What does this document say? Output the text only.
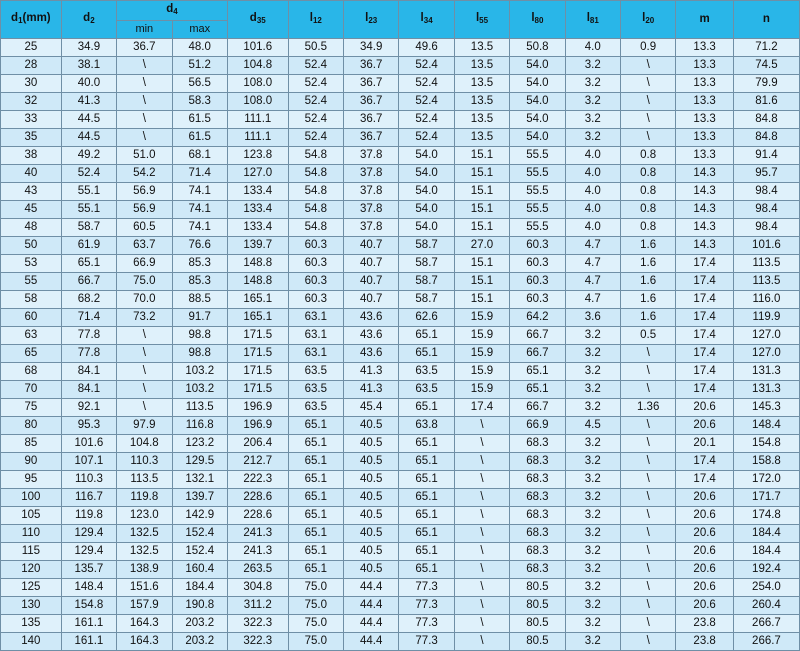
$d_1(mm)$	$d_2$	$d_4$		$d_{35}$	$l_{12}$	$l_{23}$	$l_{34}$	$l_{55}$	$l_{80}$	$l_{81}$	$l_{20}$	m	n
		min	max										
25	34.9	36.7	48.0	101.6	50.5	34.9	49.6	13.5	50.8	4.0	0.9	13.3	71.2
28	38.1	\	51.2	104.8	52.4	36.7	52.4	13.5	54.0	3.2	\	13.3	74.5
30	40.0	\	56.5	108.0	52.4	36.7	52.4	13.5	54.0	3.2	\	13.3	79.9
32	41.3	\	58.3	108.0	52.4	36.7	52.4	13.5	54.0	3.2	\	13.3	81.6
33	44.5	\	61.5	111.1	52.4	36.7	52.4	13.5	54.0	3.2	\	13.3	84.8
35	44.5	\	61.5	111.1	52.4	36.7	52.4	13.5	54.0	3.2	\	13.3	84.8
38	49.2	51.0	68.1	123.8	54.8	37.8	54.0	15.1	55.5	4.0	0.8	13.3	91.4
40	52.4	54.2	71.4	127.0	54.8	37.8	54.0	15.1	55.5	4.0	0.8	14.3	95.7
43	55.1	56.9	74.1	133.4	54.8	37.8	54.0	15.1	55.5	4.0	0.8	14.3	98.4
45	55.1	56.9	74.1	133.4	54.8	37.8	54.0	15.1	55.5	4.0	0.8	14.3	98.4
48	58.7	60.5	74.1	133.4	54.8	37.8	54.0	15.1	55.5	4.0	0.8	14.3	98.4
50	61.9	63.7	76.6	139.7	60.3	40.7	58.7	27.0	60.3	4.7	1.6	14.3	101.6
53	65.1	66.9	85.3	148.8	60.3	40.7	58.7	15.1	60.3	4.7	1.6	17.4	113.5
55	66.7	75.0	85.3	148.8	60.3	40.7	58.7	15.1	60.3	4.7	1.6	17.4	113.5
58	68.2	70.0	88.5	165.1	60.3	40.7	58.7	15.1	60.3	4.7	1.6	17.4	116.0
60	71.4	73.2	91.7	165.1	63.1	43.6	62.6	15.9	64.2	3.6	1.6	17.4	119.9
63	77.8	\	98.8	171.5	63.1	43.6	65.1	15.9	66.7	3.2	0.5	17.4	127.0
65	77.8	\	98.8	171.5	63.1	43.6	65.1	15.9	66.7	3.2	\	17.4	127.0
68	84.1	\	103.2	171.5	63.5	41.3	63.5	15.9	65.1	3.2	\	17.4	131.3
70	84.1	\	103.2	171.5	63.5	41.3	63.5	15.9	65.1	3.2	\	17.4	131.3
75	92.1	\	113.5	196.9	63.5	45.4	65.1	17.4	66.7	3.2	1.36	20.6	145.3
80	95.3	97.9	116.8	196.9	65.1	40.5	63.8	\	66.9	4.5	\	20.6	148.4
85	101.6	104.8	123.2	206.4	65.1	40.5	65.1	\	68.3	3.2	\	20.1	154.8
90	107.1	110.3	129.5	212.7	65.1	40.5	65.1	\	68.3	3.2	\	17.4	158.8
95	110.3	113.5	132.1	222.3	65.1	40.5	65.1	\	68.3	3.2	\	17.4	172.0
100	116.7	119.8	139.7	228.6	65.1	40.5	65.1	\	68.3	3.2	\	20.6	171.7
105	119.8	123.0	142.9	228.6	65.1	40.5	65.1	\	68.3	3.2	\	20.6	174.8
110	129.4	132.5	152.4	241.3	65.1	40.5	65.1	\	68.3	3.2	\	20.6	184.4
115	129.4	132.5	152.4	241.3	65.1	40.5	65.1	\	68.3	3.2	\	20.6	184.4
120	135.7	138.9	160.4	263.5	65.1	40.5	65.1	\	68.3	3.2	\	20.6	192.4
125	148.4	151.6	184.4	304.8	75.0	44.4	77.3	\	80.5	3.2	\	20.6	254.0
130	154.8	157.9	190.8	311.2	75.0	44.4	77.3	\	80.5	3.2	\	20.6	260.4
135	161.1	164.3	203.2	322.3	75.0	44.4	77.3	\	80.5	3.2	\	23.8	266.7
140	161.1	164.3	203.2	322.3	75.0	44.4	77.3	\	80.5	3.2	\	23.8	266.7
